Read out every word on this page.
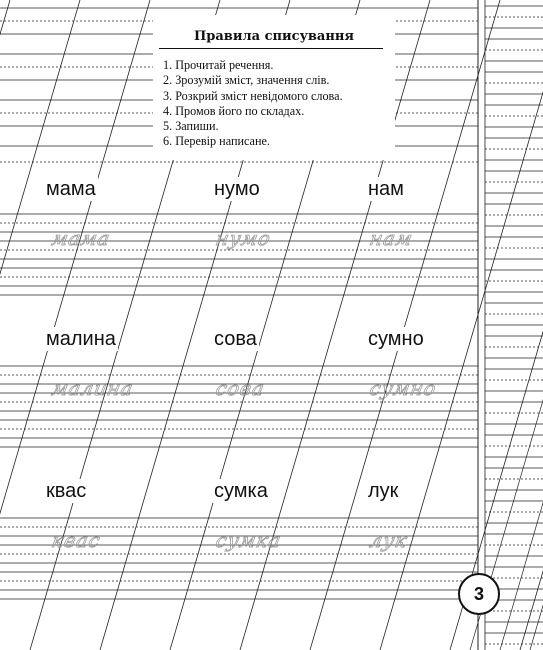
Правила списування
1. Прочитай речення.
2. Зрозумій зміст, значення слів.
3. Розкрий зміст невідомого слова.
4. Промов його по складах.
5. Запиши.
6. Перевір написане.
мама	нумо	нам
малина	сова	сумно
квас	сумка	лук
мама	нумо	нам
малина	сова	сумно
квас	сумка	лук
3
